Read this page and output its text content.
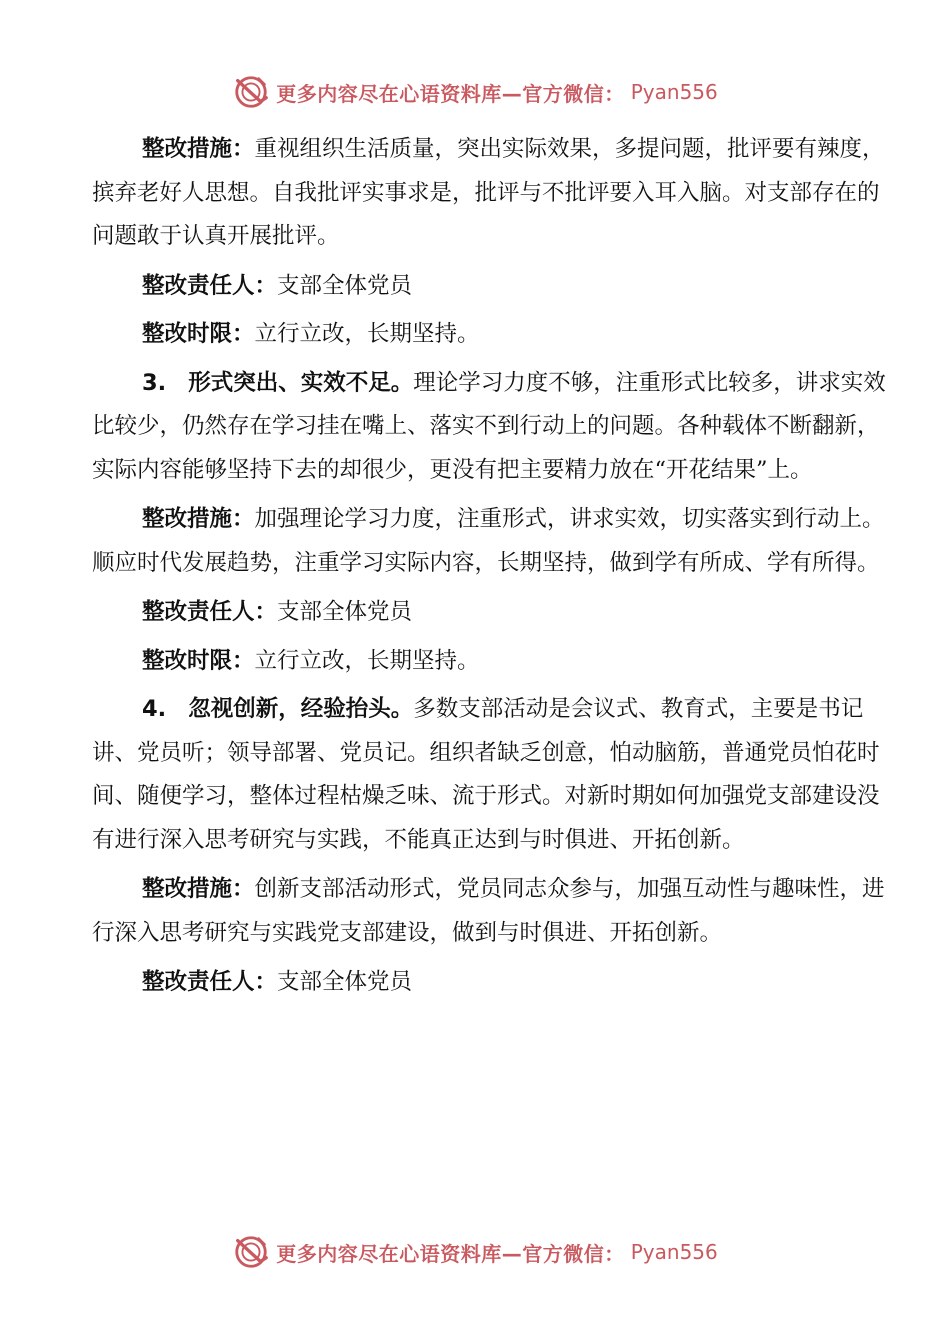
更多内容尽在心语资料库—官方微信： Pyan556

整改措施：重视组织生活质量，突出实际效果，多提问题，批评要有辣度，摈弃老好人思想。自我批评实事求是，批评与不批评要入耳入脑。对支部存在的问题敢于认真开展批评。

整改责任人：支部全体党员

整改时限：立行立改，长期坚持。

3. 形式突出、实效不足。理论学习力度不够，注重形式比较多，讲求实效比较少，仍然存在学习挂在嘴上、落实不到行动上的问题。各种载体不断翻新，实际内容能够坚持下去的却很少，更没有把主要精力放在“开花结果”上。

整改措施：加强理论学习力度，注重形式，讲求实效，切实落实到行动上。顺应时代发展趋势，注重学习实际内容，长期坚持，做到学有所成、学有所得。

整改责任人：支部全体党员

整改时限：立行立改，长期坚持。

4. 忽视创新，经验抬头。多数支部活动是会议式、教育式，主要是书记讲、党员听；领导部署、党员记。组织者缺乏创意，怕动脑筋，普通党员怕花时间、随便学习，整体过程枯燥乏味、流于形式。对新时期如何加强党支部建设没有进行深入思考研究与实践，不能真正达到与时俱进、开拓创新。

整改措施：创新支部活动形式，党员同志众参与，加强互动性与趣味性，进行深入思考研究与实践党支部建设，做到与时俱进、开拓创新。

整改责任人：支部全体党员

更多内容尽在心语资料库—官方微信： Pyan556
